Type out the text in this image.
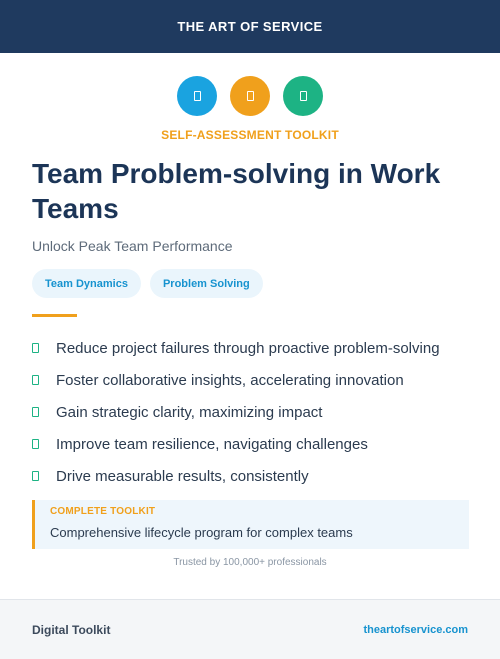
THE ART OF SERVICE
SELF-ASSESSMENT TOOLKIT
Team Problem-solving in Work Teams
Unlock Peak Team Performance
Team Dynamics	Problem Solving
Reduce project failures through proactive problem-solving
Foster collaborative insights, accelerating innovation
Gain strategic clarity, maximizing impact
Improve team resilience, navigating challenges
Drive measurable results, consistently
COMPLETE TOOLKIT
Comprehensive lifecycle program for complex teams
Trusted by 100,000+ professionals
Digital Toolkit	theartofservice.com
